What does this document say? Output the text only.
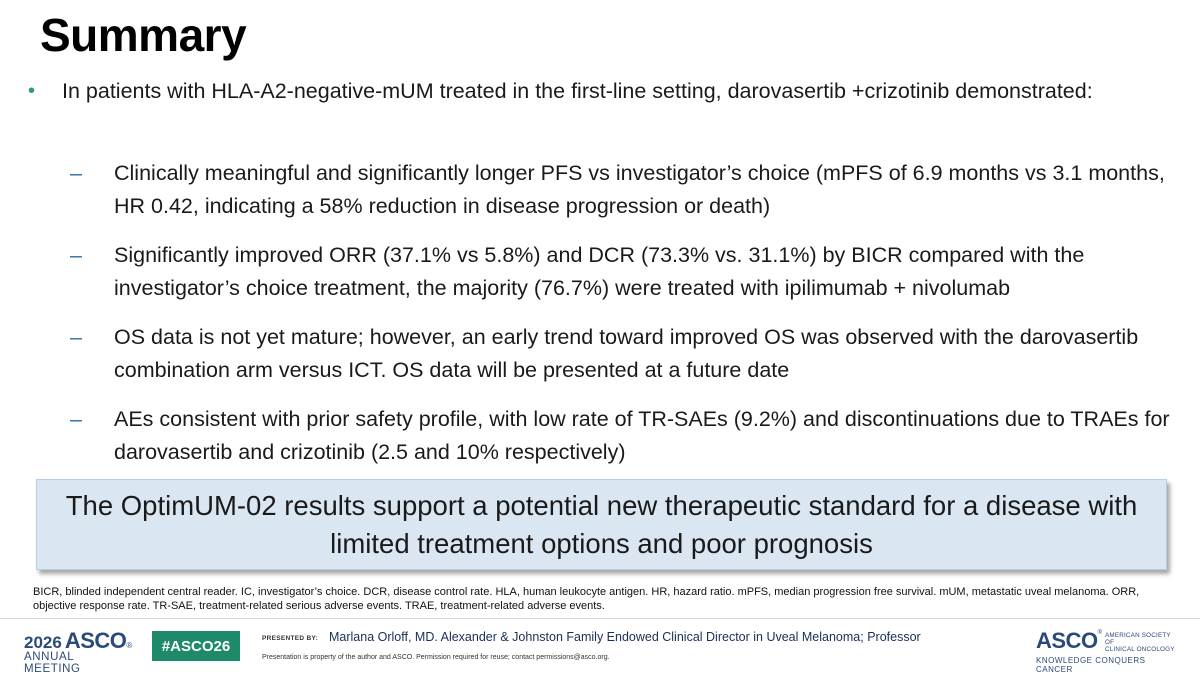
Summary
•	In patients with HLA-A2-negative-mUM treated in the first-line setting, darovasertib +crizotinib demonstrated:
–	Clinically meaningful and significantly longer PFS vs investigator’s choice (mPFS of 6.9 months vs 3.1 months, HR 0.42, indicating a 58% reduction in disease progression or death)
–	Significantly improved ORR (37.1% vs 5.8%) and DCR (73.3% vs. 31.1%) by BICR compared with the investigator’s choice treatment, the majority (76.7%) were treated with ipilimumab + nivolumab
–	OS data is not yet mature; however, an early trend toward improved OS was observed with the darovasertib combination arm versus ICT. OS data will be presented at a future date
–	AEs consistent with prior safety profile, with low rate of TR-SAEs (9.2%) and discontinuations due to TRAEs for darovasertib and crizotinib (2.5 and 10% respectively)
The OptimUM-02 results support a potential new therapeutic standard for a disease with limited treatment options and poor prognosis
BICR, blinded independent central reader. IC, investigator’s choice. DCR, disease control rate. HLA, human leukocyte antigen. HR, hazard ratio. mPFS, median progression free survival. mUM, metastatic uveal melanoma. ORR, objective response rate. TR-SAE, treatment-related serious adverse events. TRAE, treatment-related adverse events.
2026 ASCO ®
ANNUAL MEETING
#ASCO26	PRESENTED BY: Marlana Orloff, MD. Alexander & Johnston Family Endowed Clinical Director in Uveal Melanoma; Professor
Presentation is property of the author and ASCO. Permission required for reuse; contact permissions@asco.org.
ASCO ® AMERICAN SOCIETY OF
CLINICAL ONCOLOGY
KNOWLEDGE CONQUERS CANCER
